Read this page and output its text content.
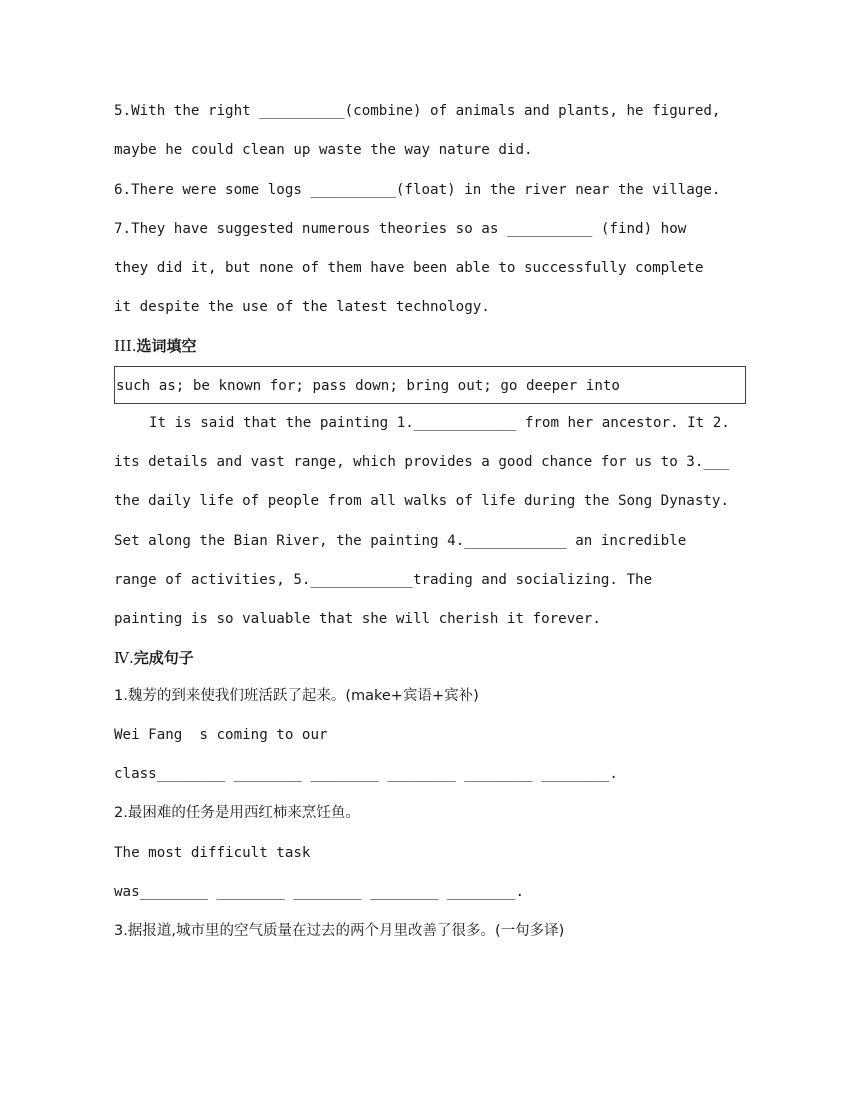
5.With the right __________(combine) of animals and plants, he figured,
maybe he could clean up waste the way nature did.
6.There were some logs __________(float) in the river near the village.
7.They have suggested numerous theories so as __________ (find) how
they did it, but none of them have been able to successfully complete
it despite the use of the latest technology.
III.选词填空
such as; be known for; pass down; bring out; go deeper into
It is said that the painting 1.____________ from her ancestor. It 2.
its details and vast range, which provides a good chance for us to 3.___
the daily life of people from all walks of life during the Song Dynasty.
Set along the Bian River, the painting 4.____________ an incredible
range of activities, 5.____________trading and socializing. The
painting is so valuable that she will cherish it forever.
Ⅳ.完成句子
1.魏芳的到来使我们班活跃了起来。(make+宾语+宾补)
Wei Fang  s coming to our
class________ ________ ________ ________ ________ ________.
2.最困难的任务是用西红柿来烹饪鱼。
The most difficult task
was________ ________ ________ ________ ________.
3.据报道,城市里的空气质量在过去的两个月里改善了很多。(一句多译)
